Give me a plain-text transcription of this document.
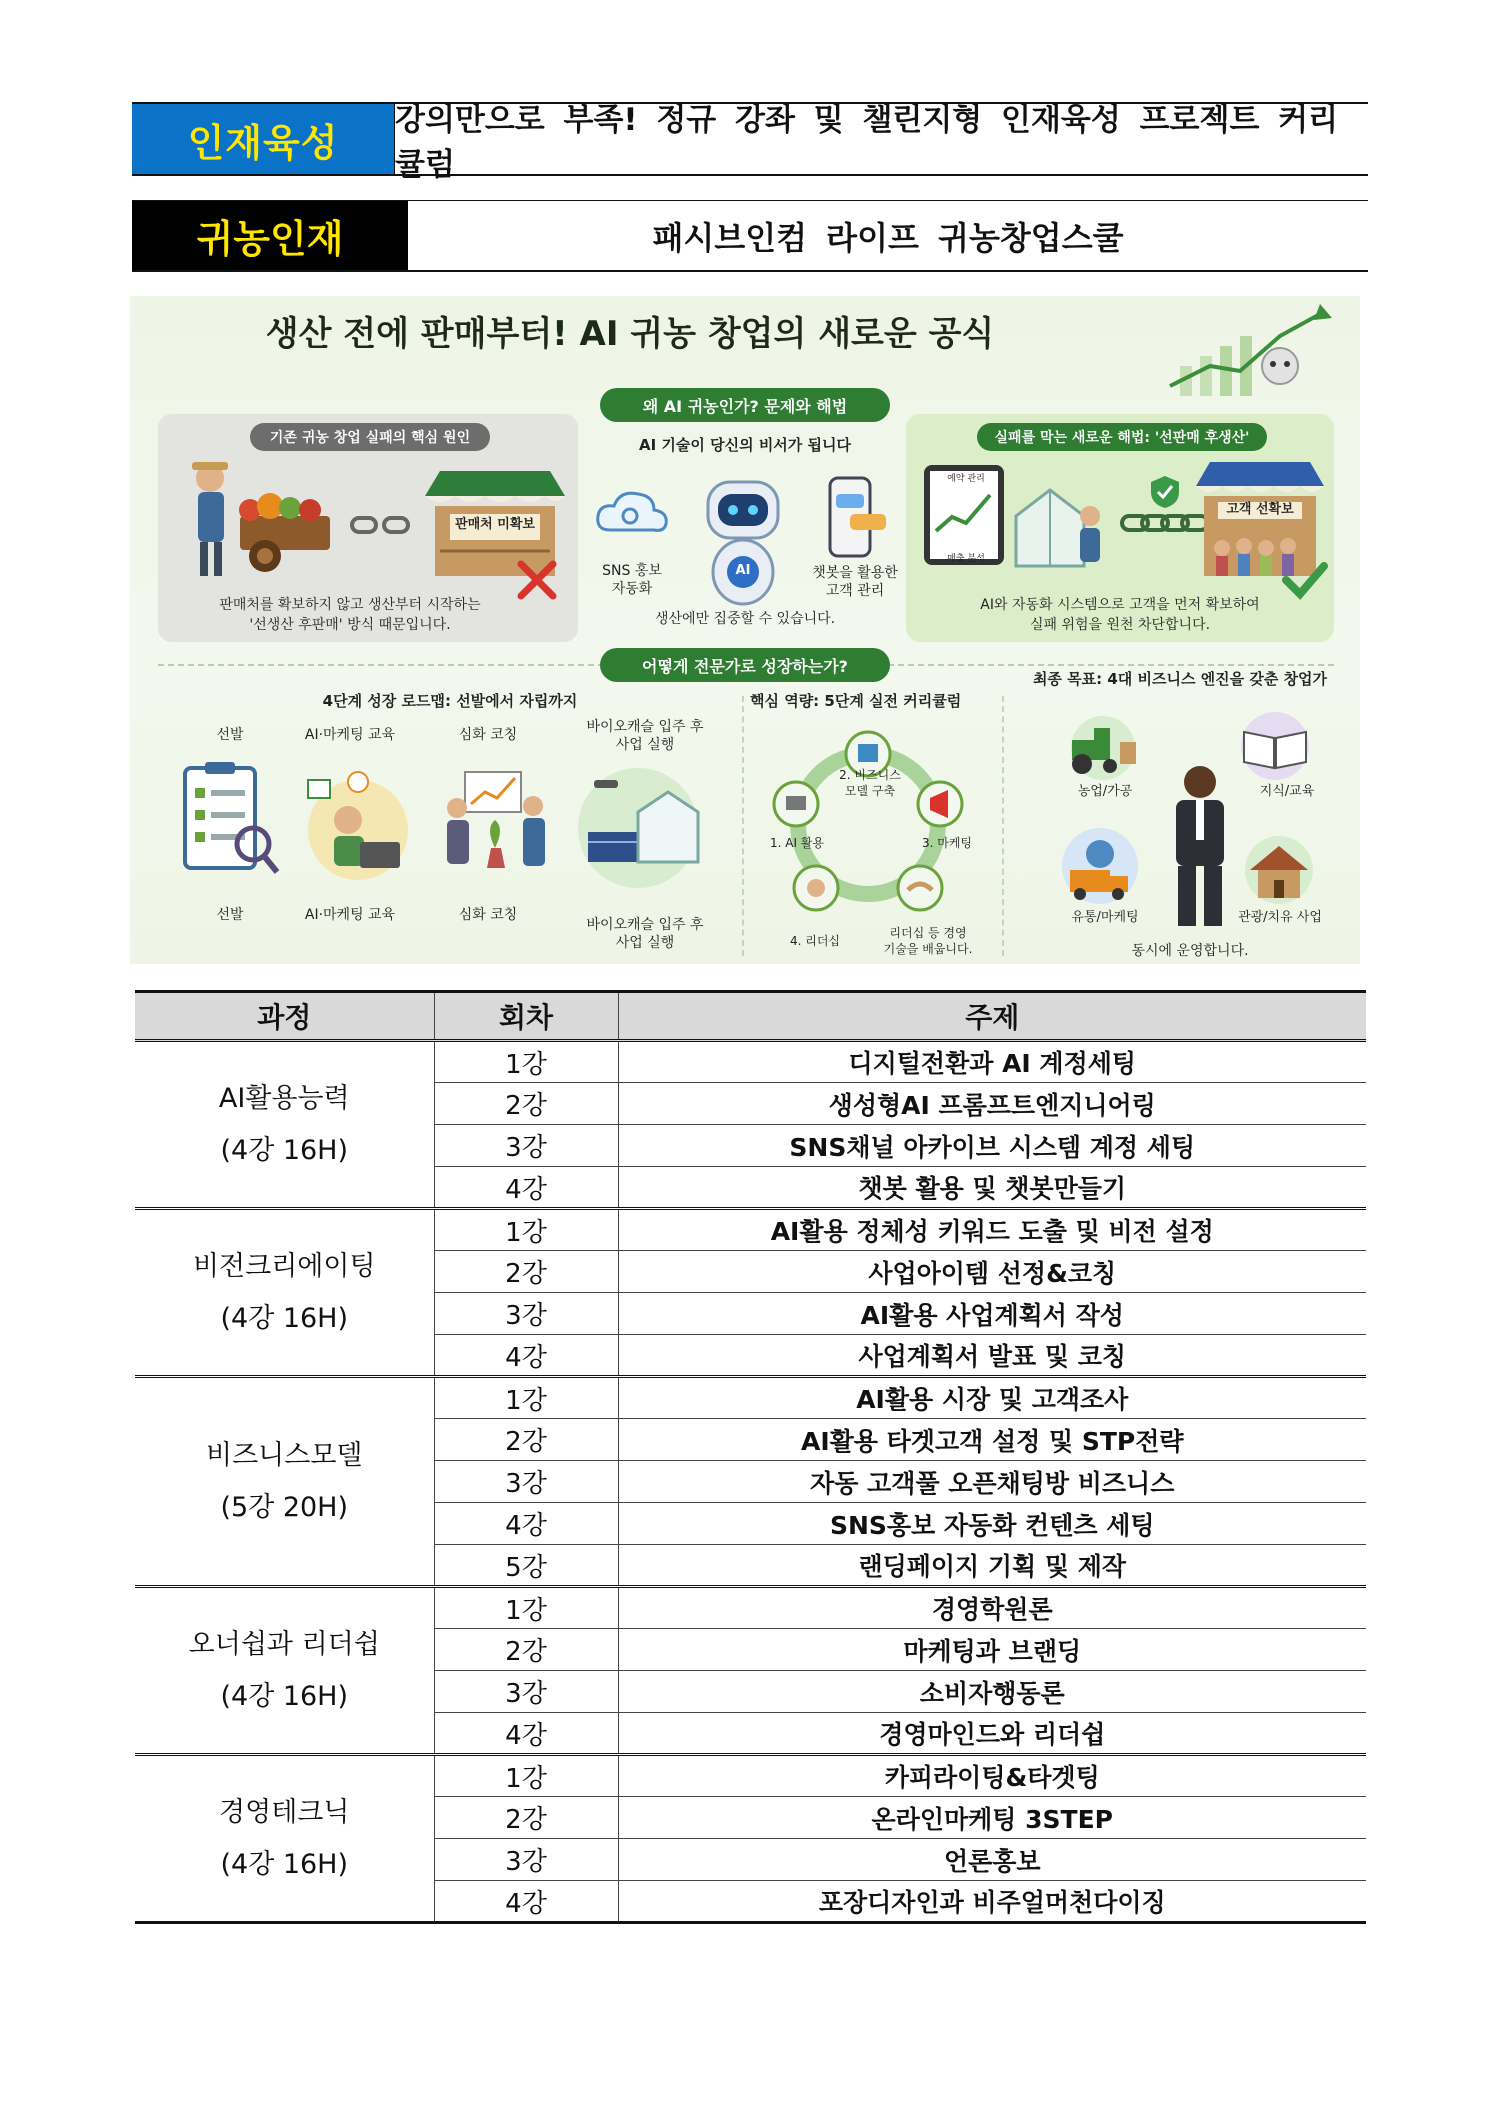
인재육성
강의만으로 부족! 정규 강좌 및 챌린지형 인재육성 프로젝트 커리큘럼
귀농인재	패시브인컴 라이프 귀농창업스쿨
생산 전에 판매부터! AI 귀농 창업의 새로운 공식
왜 AI 귀농인가? 문제와 해법
기존 귀농 창업 실패의 핵심 원인
판매처 미확보
판매처를 확보하지 않고 생산부터 시작하는
'선생산 후판매' 방식 때문입니다.
AI 기술이 당신의 비서가 됩니다
SNS 홍보
자동화
AI	챗봇을 활용한
고객 관리
생산에만 집중할 수 있습니다.
실패를 막는 새로운 해법: '선판매 후생산'
예약 관리
매출 분석
고객 선확보
AI와 자동화 시스템으로 고객을 먼저 확보하여
실패 위험을 원천 차단합니다.
어떻게 전문가로 성장하는가?
4단계 성장 로드맵: 선발에서 자립까지
선발	AI·마케팅 교육	심화 코칭	바이오캐슬 입주 후
사업 실행
선발	AI·마케팅 교육	심화 코칭
바이오캐슬 입주 후
사업 실행
핵심 역량: 5단계 실전 커리큘럼
2. 비즈니스
모델 구축
1. AI 활용	3. 마케팅
4. 리더십
리더십 등 경영
기술을 배웁니다.
최종 목표: 4대 비즈니스 엔진을 갖춘 창업가
농업/가공	지식/교육
유통/마케팅	관광/치유 사업
동시에 운영합니다.
과정	회차	주제
AI활용능력
(4강 16H)	1강	디지털전환과 AI 계정세팅
	2강	생성형AI 프롬프트엔지니어링
	3강	SNS채널 아카이브 시스템 계정 세팅
	4강	챗봇 활용 및 챗봇만들기
비전크리에이팅
(4강 16H)	1강	AI활용 정체성 키워드 도출 및 비전 설정
	2강	사업아이템 선정&코칭
	3강	AI활용 사업계획서 작성
	4강	사업계획서 발표 및 코칭
비즈니스모델
(5강 20H)	1강	AI활용 시장 및 고객조사
	2강	AI활용 타겟고객 설정 및 STP전략
	3강	자동 고객풀 오픈채팅방 비즈니스
	4강	SNS홍보 자동화 컨텐츠 세팅
	5강	랜딩페이지 기획 및 제작
오너쉽과 리더쉽
(4강 16H)	1강	경영학원론
	2강	마케팅과 브랜딩
	3강	소비자행동론
	4강	경영마인드와 리더쉽
경영테크닉
(4강 16H)	1강	카피라이팅&타겟팅
	2강	온라인마케팅 3STEP
	3강	언론홍보
	4강	포장디자인과 비주얼머천다이징
